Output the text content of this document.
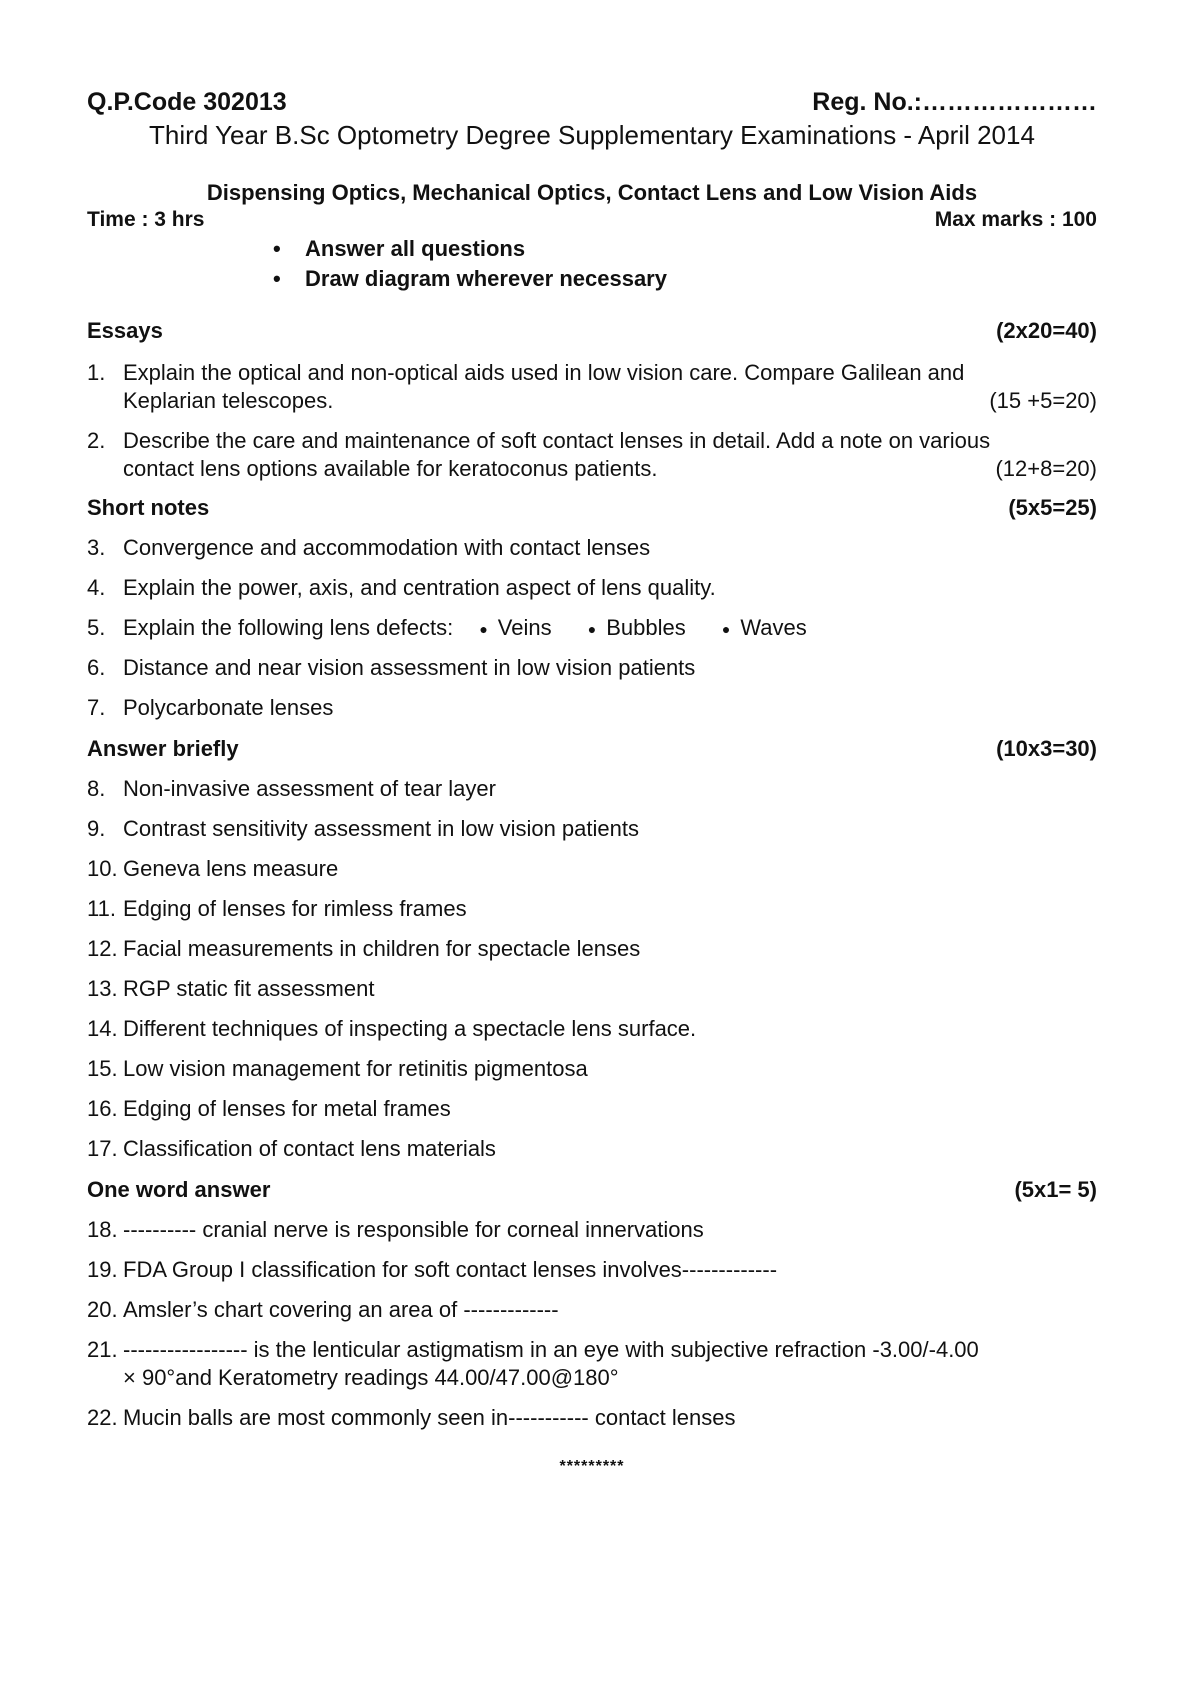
Q.P.Code 302013	Reg. No.:…………………
Third Year B.Sc Optometry Degree Supplementary Examinations - April 2014
Dispensing Optics, Mechanical Optics, Contact Lens and Low Vision Aids
Time : 3 hrs	Max marks : 100
• Answer all questions
• Draw diagram wherever necessary
Essays	(2x20=40)
1. Explain the optical and non-optical aids used in low vision care. Compare Galilean and
Keplarian telescopes.	(15 +5=20)
2. Describe the care and maintenance of soft contact lenses in detail. Add a note on various
contact lens options available for keratoconus patients.	(12+8=20)
Short notes	(5x5=25)
3. Convergence and accommodation with contact lenses
4. Explain the power, axis, and centration aspect of lens quality.
5. Explain the following lens defects: ● Veins	● Bubbles	● Waves
6. Distance and near vision assessment in low vision patients
7. Polycarbonate lenses
Answer briefly	(10x3=30)
8. Non-invasive assessment of tear layer
9. Contrast sensitivity assessment in low vision patients
10. Geneva lens measure
11. Edging of lenses for rimless frames
12. Facial measurements in children for spectacle lenses
13. RGP static fit assessment
14. Different techniques of inspecting a spectacle lens surface.
15. Low vision management for retinitis pigmentosa
16. Edging of lenses for metal frames
17. Classification of contact lens materials
One word answer	(5x1= 5)
18. ---------- cranial nerve is responsible for corneal innervations
19. FDA Group I classification for soft contact lenses involves-------------
20. Amsler’s chart covering an area of -------------
21. ----------------- is the lenticular astigmatism in an eye with subjective refraction -3.00/-4.00
× 90°and Keratometry readings 44.00/47.00@180°
22. Mucin balls are most commonly seen in----------- contact lenses
*********
